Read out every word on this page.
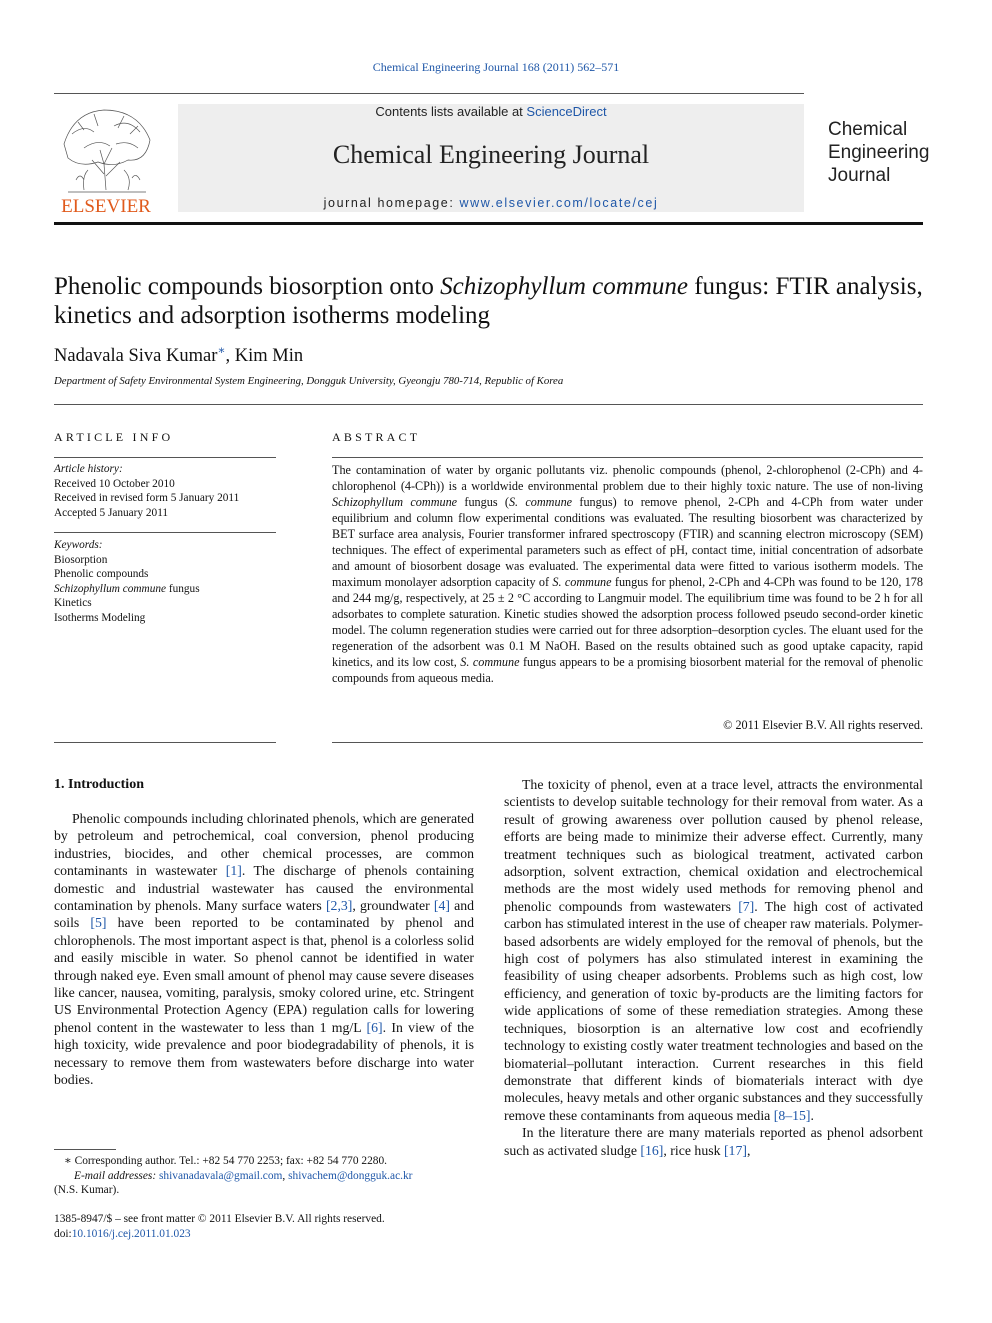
Chemical Engineering Journal 168 (2011) 562–571
ELSEVIER
Contents lists available at ScienceDirect
Chemical Engineering Journal
journal homepage: www.elsevier.com/locate/cej
Chemical
Engineering
Journal
Phenolic compounds biosorption onto Schizophyllum commune fungus: FTIR analysis, kinetics and adsorption isotherms modeling
Nadavala Siva Kumar∗, Kim Min
Department of Safety Environmental System Engineering, Dongguk University, Gyeongju 780-714, Republic of Korea
ARTICLE INFO
Article history:
Received 10 October 2010
Received in revised form 5 January 2011
Accepted 5 January 2011
Keywords:
Biosorption
Phenolic compounds
Schizophyllum commune fungus
Kinetics
Isotherms Modeling
ABSTRACT
The contamination of water by organic pollutants viz. phenolic compounds (phenol, 2-chlorophenol (2-CPh) and 4-chlorophenol (4-CPh)) is a worldwide environmental problem due to their highly toxic nature. The use of non-living Schizophyllum commune fungus (S. commune fungus) to remove phenol, 2-CPh and 4-CPh from water under equilibrium and column flow experimental conditions was evaluated. The resulting biosorbent was characterized by BET surface area analysis, Fourier transformer infrared spectroscopy (FTIR) and scanning electron microscopy (SEM) techniques. The effect of experimental parameters such as effect of pH, contact time, initial concentration of adsorbate and amount of biosorbent dosage was evaluated. The experimental data were fitted to various isotherm models. The maximum monolayer adsorption capacity of S. commune fungus for phenol, 2-CPh and 4-CPh was found to be 120, 178 and 244 mg/g, respectively, at 25 ± 2 °C according to Langmuir model. The equilibrium time was found to be 2 h for all adsorbates to complete saturation. Kinetic studies showed the adsorption process followed pseudo second-order kinetic model. The column regeneration studies were carried out for three adsorption–desorption cycles. The eluant used for the regeneration of the adsorbent was 0.1 M NaOH. Based on the results obtained such as good uptake capacity, rapid kinetics, and its low cost, S. commune fungus appears to be a promising biosorbent material for the removal of phenolic compounds from aqueous media.
© 2011 Elsevier B.V. All rights reserved.
1. Introduction

Phenolic compounds including chlorinated phenols, which are generated by petroleum and petrochemical, coal conversion, phenol producing industries, biocides, and other chemical processes, are common contaminants in wastewater [1]. The discharge of phenols containing domestic and industrial wastewater has caused the environmental contamination by phenols. Many surface waters [2,3], groundwater [4] and soils [5] have been reported to be contaminated by phenol and chlorophenols. The most important aspect is that, phenol is a colorless solid and easily miscible in water. So phenol cannot be identified in water through naked eye. Even small amount of phenol may cause severe diseases like cancer, nausea, vomiting, paralysis, smoky colored urine, etc. Stringent US Environmental Protection Agency (EPA) regulation calls for lowering phenol content in the wastewater to less than 1 mg/L [6]. In view of the high toxicity, wide prevalence and poor biodegradability of phenols, it is necessary to remove them from wastewaters before discharge into water bodies.

∗ Corresponding author. Tel.: +82 54 770 2253; fax: +82 54 770 2280.
E-mail addresses: shivanadavala@gmail.com, shivachem@dongguk.ac.kr
(N.S. Kumar).
1385-8947/$ – see front matter © 2011 Elsevier B.V. All rights reserved.
doi:10.1016/j.cej.2011.01.023

The toxicity of phenol, even at a trace level, attracts the environmental scientists to develop suitable technology for their removal from water. As a result of growing awareness over pollution caused by phenol release, efforts are being made to minimize their adverse effect. Currently, many treatment techniques such as biological treatment, activated carbon adsorption, solvent extraction, chemical oxidation and electrochemical methods are the most widely used methods for removing phenol and phenolic compounds from wastewaters [7]. The high cost of activated carbon has stimulated interest in the use of cheaper raw materials. Polymer-based adsorbents are widely employed for the removal of phenols, but the high cost of polymers has also stimulated interest in examining the feasibility of using cheaper adsorbents. Problems such as high cost, low efficiency, and generation of toxic by-products are the limiting factors for wide applications of some of these remediation strategies. Among these techniques, biosorption is an alternative low cost and ecofriendly technology to existing costly water treatment technologies and based on the biomaterial–pollutant interaction. Current researches in this field demonstrate that different kinds of biomaterials interact with dye molecules, heavy metals and other organic substances and they successfully remove these contaminants from aqueous media [8–15].

In the literature there are many materials reported as phenol adsorbent such as activated sludge [16], rice husk [17],
